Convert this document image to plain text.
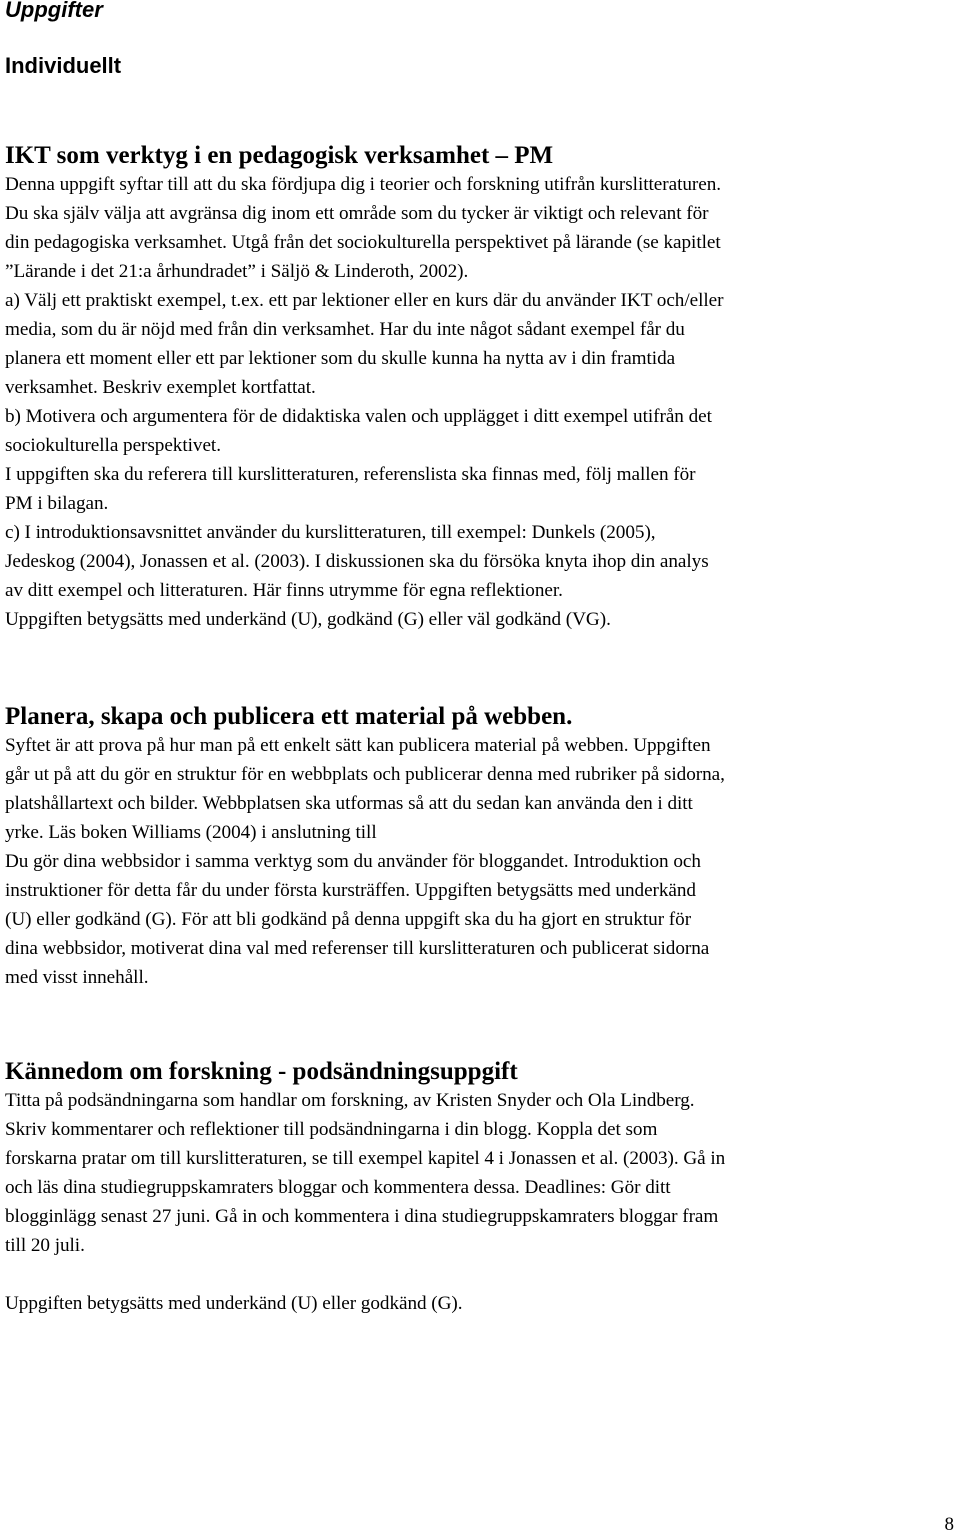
Uppgifter
Individuellt
IKT som verktyg i en pedagogisk verksamhet – PM

Denna uppgift syftar till att du ska fördjupa dig i teorier och forskning utifrån kurslitteraturen.
Du ska själv välja att avgränsa dig inom ett område som du tycker är viktigt och relevant för
din pedagogiska verksamhet. Utgå från det sociokulturella perspektivet på lärande (se kapitlet
”Lärande i det 21:a århundradet” i Säljö & Linderoth, 2002).
a) Välj ett praktiskt exempel, t.ex. ett par lektioner eller en kurs där du använder IKT och/eller
media, som du är nöjd med från din verksamhet. Har du inte något sådant exempel får du
planera ett moment eller ett par lektioner som du skulle kunna ha nytta av i din framtida
verksamhet. Beskriv exemplet kortfattat.
b) Motivera och argumentera för de didaktiska valen och upplägget i ditt exempel utifrån det
sociokulturella perspektivet.
I uppgiften ska du referera till kurslitteraturen, referenslista ska finnas med, följ mallen för
PM i bilagan.
c) I introduktionsavsnittet använder du kurslitteraturen, till exempel: Dunkels (2005),
Jedeskog (2004), Jonassen et al. (2003). I diskussionen ska du försöka knyta ihop din analys
av ditt exempel och litteraturen. Här finns utrymme för egna reflektioner.
Uppgiften betygsätts med underkänd (U), godkänd (G) eller väl godkänd (VG).

Planera, skapa och publicera ett material på webben.

Syftet är att prova på hur man på ett enkelt sätt kan publicera material på webben. Uppgiften
går ut på att du gör en struktur för en webbplats och publicerar denna med rubriker på sidorna,
platshållartext och bilder. Webbplatsen ska utformas så att du sedan kan använda den i ditt
yrke. Läs boken Williams (2004) i anslutning till
Du gör dina webbsidor i samma verktyg som du använder för bloggandet. Introduktion och
instruktioner för detta får du under första kursträffen. Uppgiften betygsätts med underkänd
(U) eller godkänd (G). För att bli godkänd på denna uppgift ska du ha gjort en struktur för
dina webbsidor, motiverat dina val med referenser till kurslitteraturen och publicerat sidorna
med visst innehåll.

Kännedom om forskning - podsändningsuppgift

Titta på podsändningarna som handlar om forskning, av Kristen Snyder och Ola Lindberg.
Skriv kommentarer och reflektioner till podsändningarna i din blogg. Koppla det som
forskarna pratar om till kurslitteraturen, se till exempel kapitel 4 i Jonassen et al. (2003). Gå in
och läs dina studiegruppskamraters bloggar och kommentera dessa. Deadlines: Gör ditt
blogginlägg senast 27 juni. Gå in och kommentera i dina studiegruppskamraters bloggar fram
till 20 juli.

Uppgiften betygsätts med underkänd (U) eller godkänd (G).

8
